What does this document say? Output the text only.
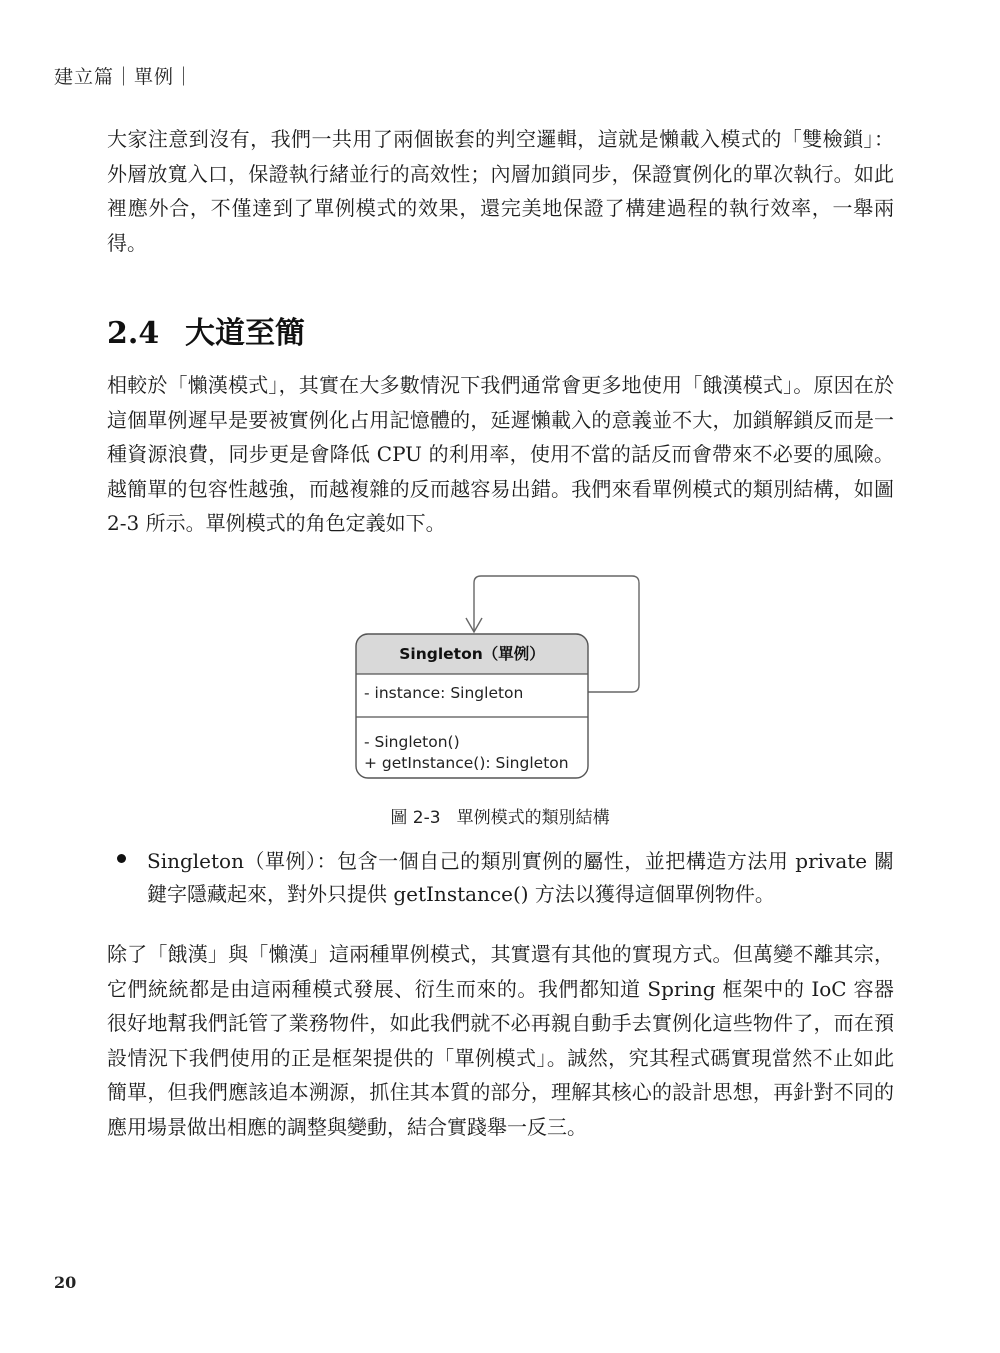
建立篇｜單例｜

大家注意到沒有，我們一共用了兩個嵌套的判空邏輯，這就是懶載入模式的「雙檢鎖」：外層放寬入口，保證執行緒並行的高效性；內層加鎖同步，保證實例化的單次執行。如此裡應外合，不僅達到了單例模式的效果，還完美地保證了構建過程的執行效率，一舉兩得。

2.4 大道至簡

相較於「懶漢模式」，其實在大多數情況下我們通常會更多地使用「餓漢模式」。原因在於這個單例遲早是要被實例化占用記憶體的，延遲懶載入的意義並不大，加鎖解鎖反而是一種資源浪費，同步更是會降低 CPU 的利用率，使用不當的話反而會帶來不必要的風險。越簡單的包容性越強，而越複雜的反而越容易出錯。我們來看單例模式的類別結構，如圖 2-3 所示。單例模式的角色定義如下。

Singleton（單例）
- instance: Singleton
- Singleton()
+ getInstance(): Singleton
圖 2-3 單例模式的類別結構

Singleton（單例）：包含一個自己的類別實例的屬性，並把構造方法用 private 關鍵字隱藏起來，對外只提供 getInstance() 方法以獲得這個單例物件。

除了「餓漢」與「懶漢」這兩種單例模式，其實還有其他的實現方式。但萬變不離其宗，它們統統都是由這兩種模式發展、衍生而來的。我們都知道 Spring 框架中的 IoC 容器很好地幫我們託管了業務物件，如此我們就不必再親自動手去實例化這些物件了，而在預設情況下我們使用的正是框架提供的「單例模式」。誠然，究其程式碼實現當然不止如此簡單，但我們應該追本溯源，抓住其本質的部分，理解其核心的設計思想，再針對不同的應用場景做出相應的調整與變動，結合實踐舉一反三。

20
